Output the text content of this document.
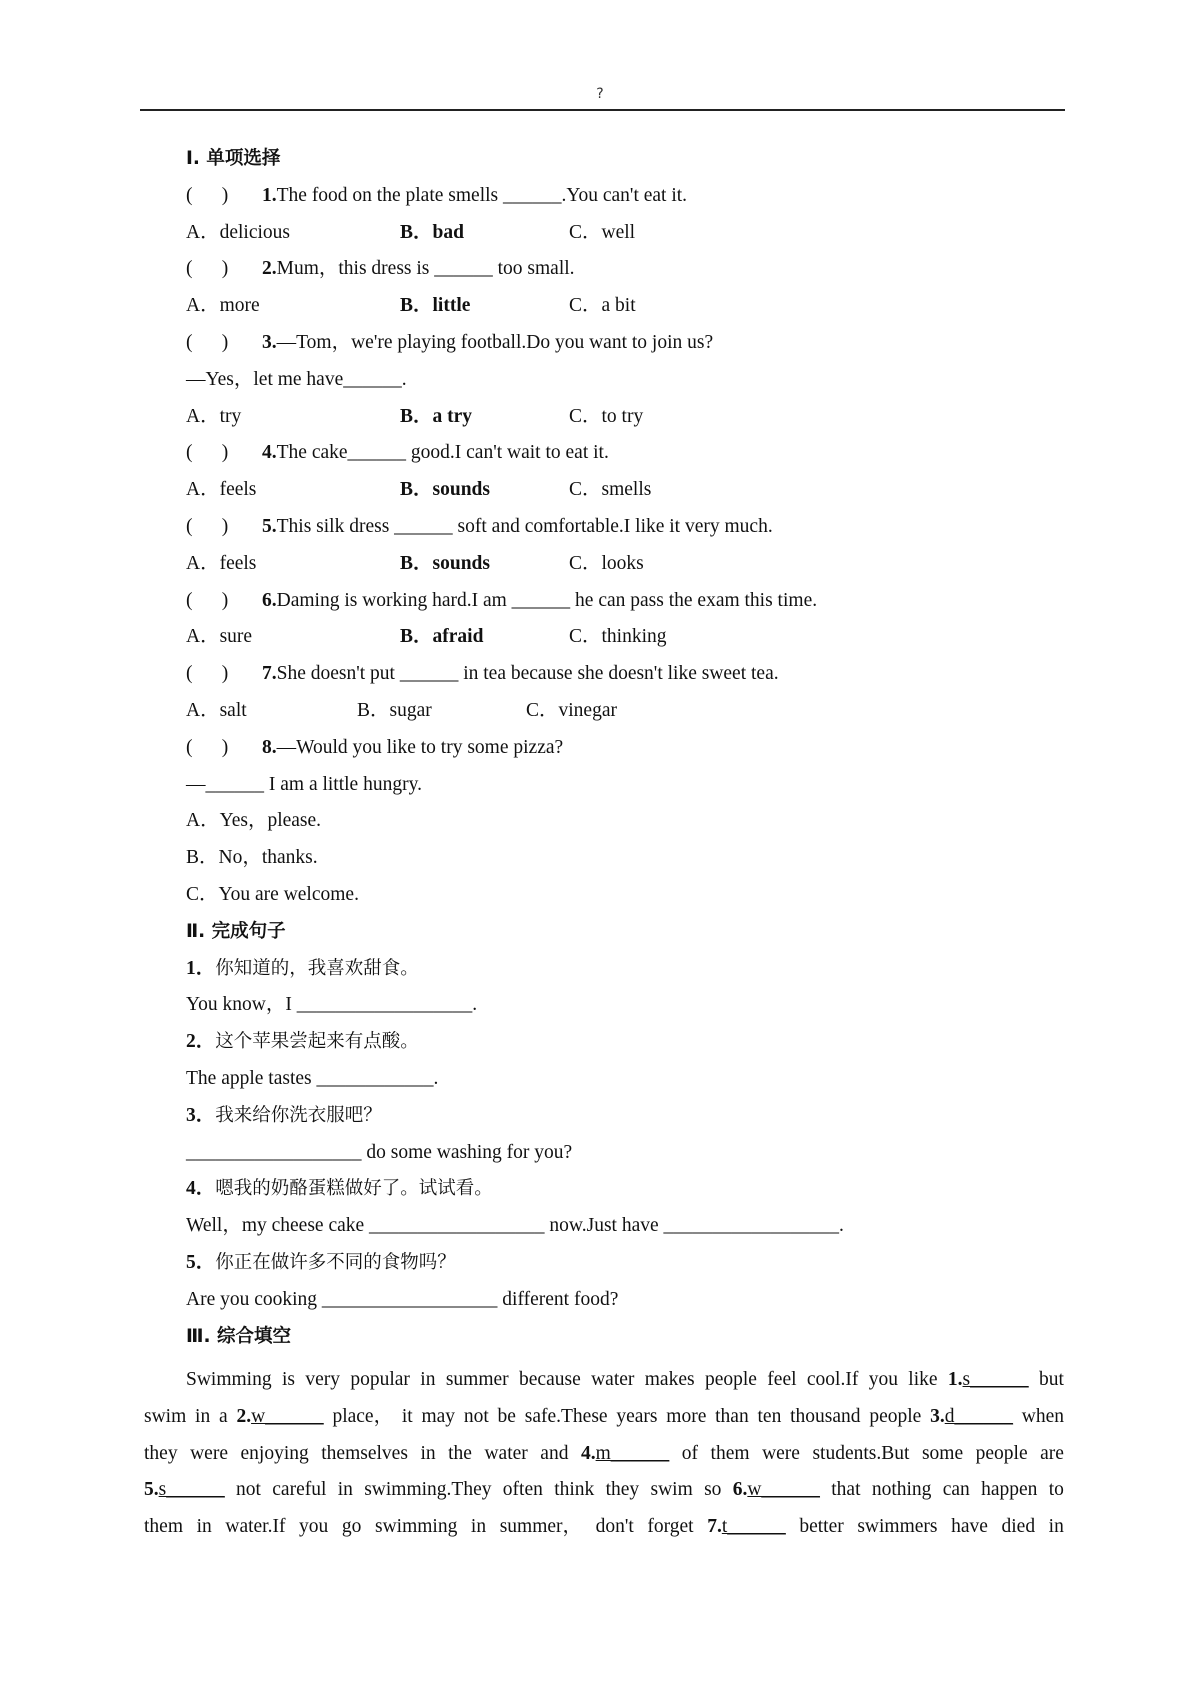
?
Ⅰ. 单项选择
(      )	1. The food on the plate smells ______.You can't eat it.
A．delicious	B．bad	C．well
(      )	2. Mum，this dress is ______ too small.
A．more	B．little	C．a bit
(      )	3. —Tom，we're playing football.Do you want to join us?
—Yes，let me have______.
A．try	B．a try	C．to try
(      )	4. The cake______ good.I can't wait to eat it.
A．feels	B．sounds	C．smells
(      )	5. This silk dress ______ soft and comfortable.I like it very much.
A．feels	B．sounds	C．looks
(      )	6. Daming is working hard.I am ______ he can pass the exam this time.
A．sure	B．afraid	C．thinking
(      )	7. She doesn't put ______ in tea because she doesn't like sweet tea.
A．salt	B．sugar	C．vinegar
(      )	8. —Would you like to try some pizza?
—______ I am a little hungry.
A．Yes，please.
B．No，thanks.
C．You are welcome.
Ⅱ. 完成句子
1．你知道的，我喜欢甜食。
You know，I __________________.
2．这个苹果尝起来有点酸。
The apple tastes ____________.
3．我来给你洗衣服吧？
__________________ do some washing for you?
4．嗯我的奶酪蛋糕做好了。试试看。
Well，my cheese cake __________________ now.Just have __________________.
5．你正在做许多不同的食物吗？
Are you cooking __________________ different food?
Ⅲ. 综合填空
Swimming is very popular in summer because water makes people feel cool.If you like 1.s______ but
swim in a 2.w______ place， it may not be safe.These years more than ten thousand people 3.d______ when
they were enjoying themselves in the water and 4.m______ of them were students.But some people are
5.s______ not careful in swimming.They often think they swim so 6.w______ that nothing can happen to
them in water.If you go swimming in summer， don't forget 7.t______ better swimmers have died in
